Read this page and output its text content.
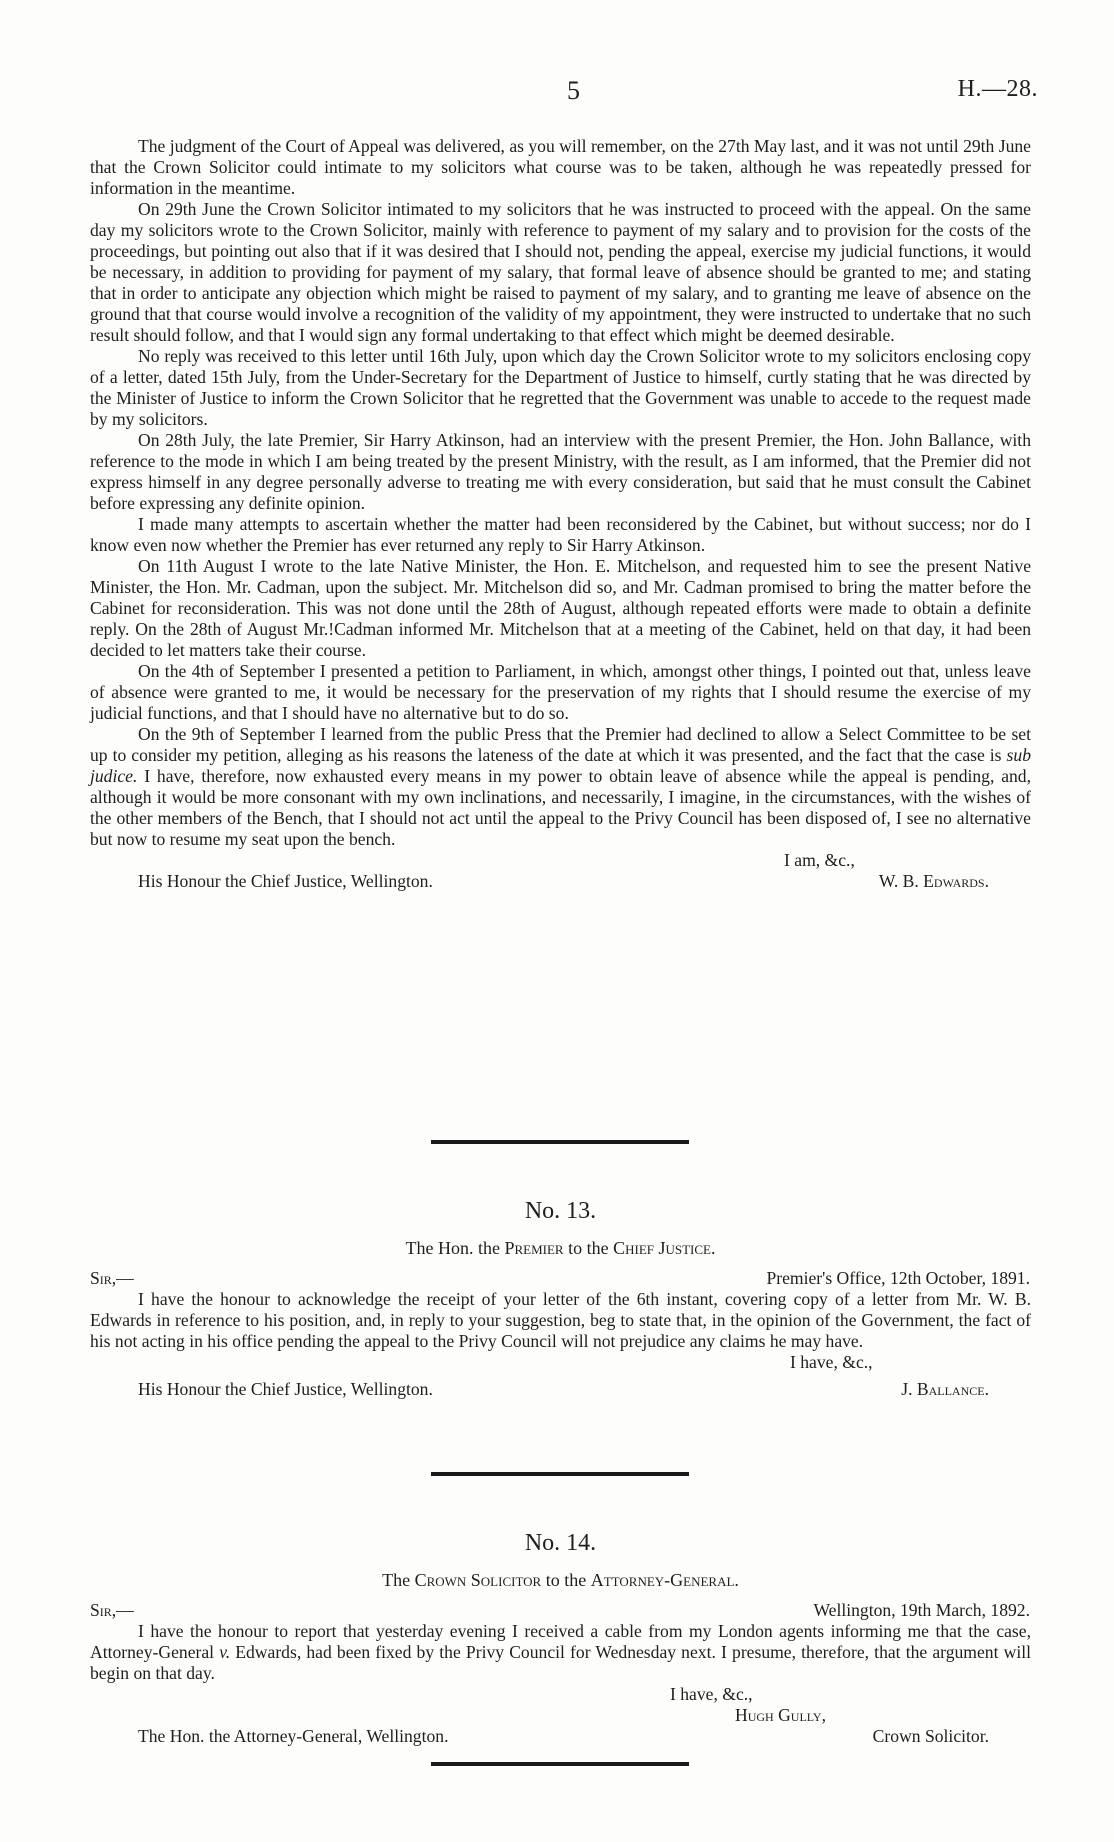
5	H.—28.

The judgment of the Court of Appeal was delivered, as you will remember, on the 27th May last, and it was not until 29th June that the Crown Solicitor could intimate to my solicitors what course was to be taken, although he was repeatedly pressed for information in the meantime.

On 29th June the Crown Solicitor intimated to my solicitors that he was instructed to proceed with the appeal. On the same day my solicitors wrote to the Crown Solicitor, mainly with reference to payment of my salary and to provision for the costs of the proceedings, but pointing out also that if it was desired that I should not, pending the appeal, exercise my judicial functions, it would be necessary, in addition to providing for payment of my salary, that formal leave of absence should be granted to me; and stating that in order to anticipate any objection which might be raised to payment of my salary, and to granting me leave of absence on the ground that that course would involve a recognition of the validity of my appointment, they were instructed to undertake that no such result should follow, and that I would sign any formal undertaking to that effect which might be deemed desirable.

No reply was received to this letter until 16th July, upon which day the Crown Solicitor wrote to my solicitors enclosing copy of a letter, dated 15th July, from the Under-Secretary for the Department of Justice to himself, curtly stating that he was directed by the Minister of Justice to inform the Crown Solicitor that he regretted that the Government was unable to accede to the request made by my solicitors.

On 28th July, the late Premier, Sir Harry Atkinson, had an interview with the present Premier, the Hon. John Ballance, with reference to the mode in which I am being treated by the present Ministry, with the result, as I am informed, that the Premier did not express himself in any degree personally adverse to treating me with every consideration, but said that he must consult the Cabinet before expressing any definite opinion.

I made many attempts to ascertain whether the matter had been reconsidered by the Cabinet, but without success; nor do I know even now whether the Premier has ever returned any reply to Sir Harry Atkinson.

On 11th August I wrote to the late Native Minister, the Hon. E. Mitchelson, and requested him to see the present Native Minister, the Hon. Mr. Cadman, upon the subject. Mr. Mitchelson did so, and Mr. Cadman promised to bring the matter before the Cabinet for reconsideration. This was not done until the 28th of August, although repeated efforts were made to obtain a definite reply. On the 28th of August Mr.!Cadman informed Mr. Mitchelson that at a meeting of the Cabinet, held on that day, it had been decided to let matters take their course.

On the 4th of September I presented a petition to Parliament, in which, amongst other things, I pointed out that, unless leave of absence were granted to me, it would be necessary for the preservation of my rights that I should resume the exercise of my judicial functions, and that I should have no alternative but to do so.

On the 9th of September I learned from the public Press that the Premier had declined to allow a Select Committee to be set up to consider my petition, alleging as his reasons the lateness of the date at which it was presented, and the fact that the case is sub judice. I have, therefore, now exhausted every means in my power to obtain leave of absence while the appeal is pending, and, although it would be more consonant with my own inclinations, and necessarily, I imagine, in the circumstances, with the wishes of the other members of the Bench, that I should not act until the appeal to the Privy Council has been disposed of, I see no alternative but now to resume my seat upon the bench.

I am, &c.,
His Honour the Chief Justice, Wellington.	W. B. Edwards.
No. 13.
The Hon. the Premier to the Chief Justice.
Sir,—	Premier's Office, 12th October, 1891.

I have the honour to acknowledge the receipt of your letter of the 6th instant, covering copy of a letter from Mr. W. B. Edwards in reference to his position, and, in reply to your suggestion, beg to state that, in the opinion of the Government, the fact of his not acting in his office pending the appeal to the Privy Council will not prejudice any claims he may have.

I have, &c.,
His Honour the Chief Justice, Wellington.	J. Ballance.
No. 14.
The Crown Solicitor to the Attorney-General.
Sir,—	Wellington, 19th March, 1892.

I have the honour to report that yesterday evening I received a cable from my London agents informing me that the case, Attorney-General v. Edwards, had been fixed by the Privy Council for Wednesday next. I presume, therefore, that the argument will begin on that day.

I have, &c.,
Hugh Gully,
The Hon. the Attorney-General, Wellington.	Crown Solicitor.
